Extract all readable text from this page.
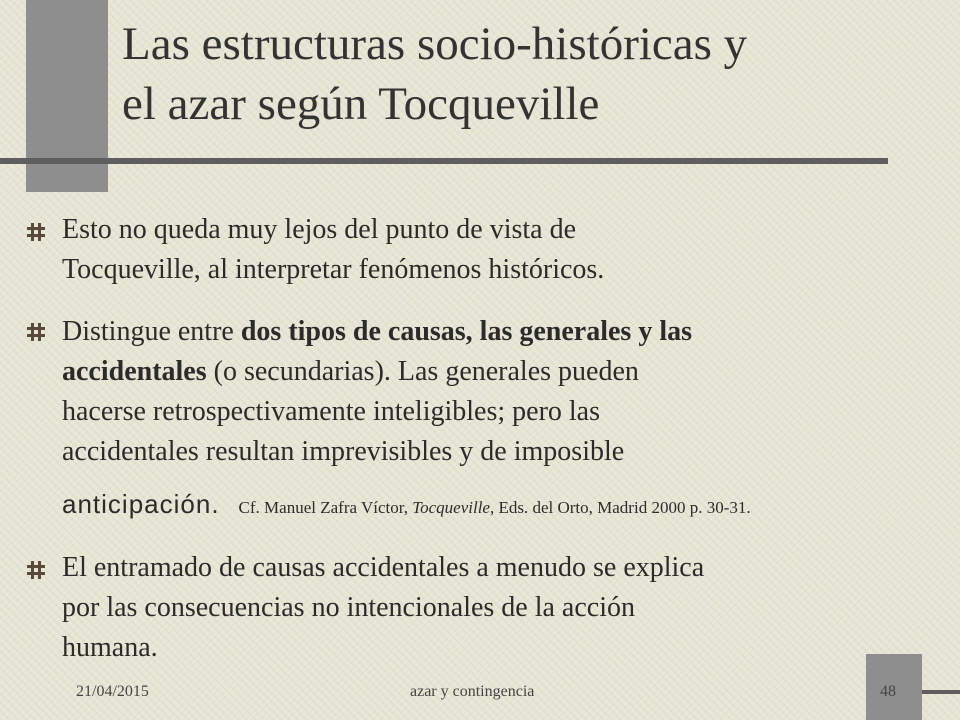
Las estructuras socio-históricas y
el azar según Tocqueville
Esto no queda muy lejos del punto de vista de
Tocqueville, al interpretar fenómenos históricos.
Distingue entre dos tipos de causas, las generales y las
accidentales (o secundarias). Las generales pueden
hacerse retrospectivamente inteligibles; pero las
accidentales resultan imprevisibles y de imposible
anticipación. Cf. Manuel Zafra Víctor, Tocqueville, Eds. del Orto, Madrid 2000 p. 30-31.
El entramado de causas accidentales a menudo se explica
por las consecuencias no intencionales de la acción
humana.
21/04/2015	azar y contingencia	48
